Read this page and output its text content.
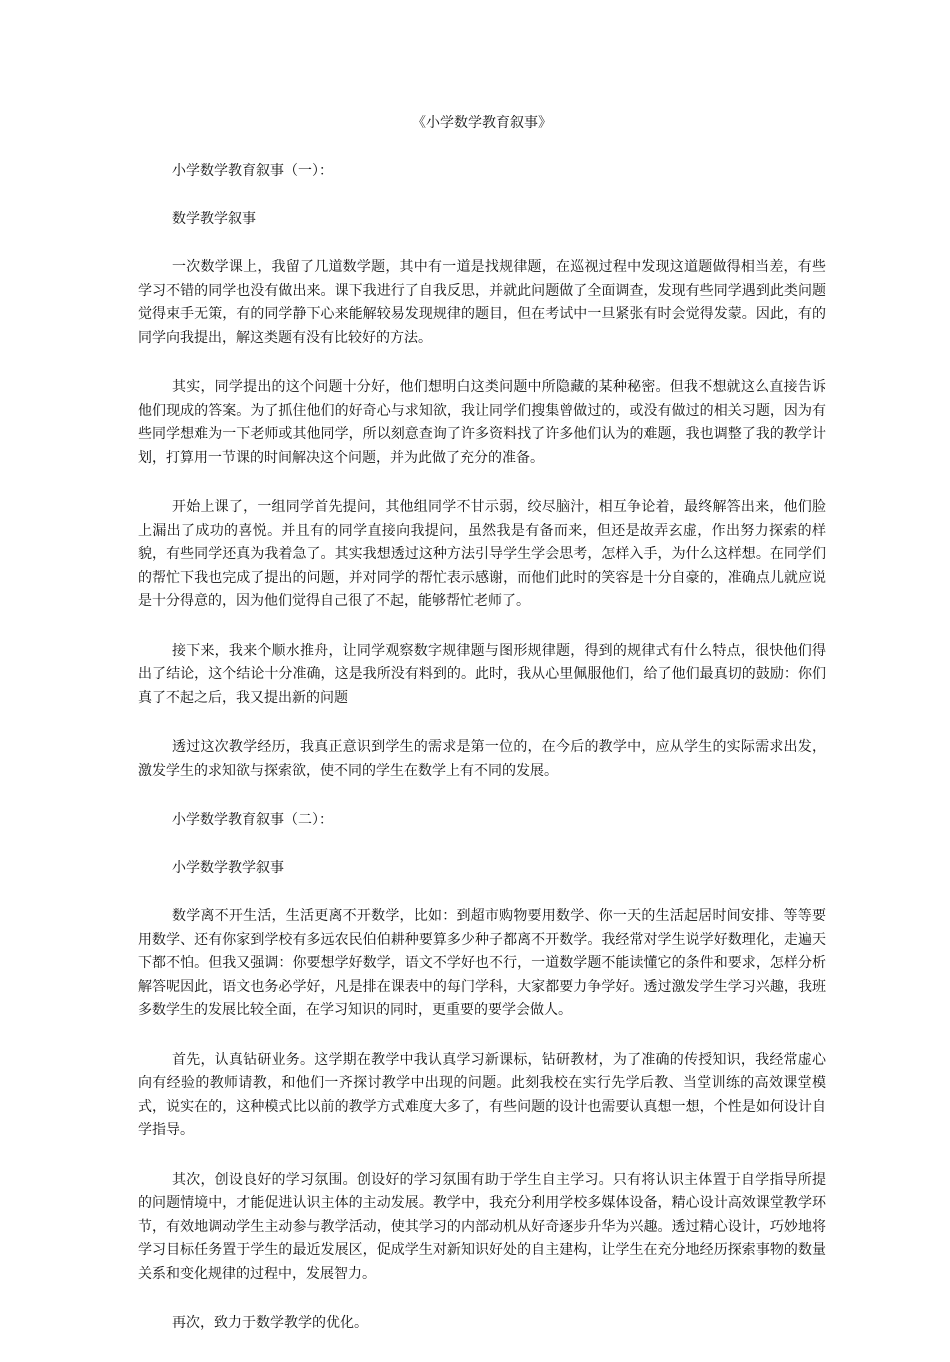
《小学数学教育叙事》
小学数学教育叙事（一）：
数学教学叙事

一次数学课上，我留了几道数学题，其中有一道是找规律题，在巡视过程中发现这道题做得相当差，有些学习不错的同学也没有做出来。课下我进行了自我反思，并就此问题做了全面调查，发现有些同学遇到此类问题觉得束手无策，有的同学静下心来能解较易发现规律的题目，但在考试中一旦紧张有时会觉得发蒙。因此，有的同学向我提出，解这类题有没有比较好的方法。

其实，同学提出的这个问题十分好，他们想明白这类问题中所隐藏的某种秘密。但我不想就这么直接告诉他们现成的答案。为了抓住他们的好奇心与求知欲，我让同学们搜集曾做过的，或没有做过的相关习题，因为有些同学想难为一下老师或其他同学，所以刻意查询了许多资料找了许多他们认为的难题，我也调整了我的教学计划，打算用一节课的时间解决这个问题，并为此做了充分的准备。

开始上课了，一组同学首先提问，其他组同学不甘示弱，绞尽脑汁，相互争论着，最终解答出来，他们脸上漏出了成功的喜悦。并且有的同学直接向我提问，虽然我是有备而来，但还是故弄玄虚，作出努力探索的样貌，有些同学还真为我着急了。其实我想透过这种方法引导学生学会思考，怎样入手，为什么这样想。在同学们的帮忙下我也完成了提出的问题，并对同学的帮忙表示感谢，而他们此时的笑容是十分自豪的，准确点儿就应说是十分得意的，因为他们觉得自己很了不起，能够帮忙老师了。

接下来，我来个顺水推舟，让同学观察数字规律题与图形规律题，得到的规律式有什么特点，很快他们得出了结论，这个结论十分准确，这是我所没有料到的。此时，我从心里佩服他们，给了他们最真切的鼓励：你们真了不起之后，我又提出新的问题

透过这次教学经历，我真正意识到学生的需求是第一位的，在今后的教学中，应从学生的实际需求出发，激发学生的求知欲与探索欲，使不同的学生在数学上有不同的发展。

小学数学教育叙事（二）：
小学数学教学叙事

数学离不开生活，生活更离不开数学，比如：到超市购物要用数学、你一天的生活起居时间安排、等等要用数学、还有你家到学校有多远农民伯伯耕种要算多少种子都离不开数学。我经常对学生说学好数理化，走遍天下都不怕。但我又强调：你要想学好数学，语文不学好也不行，一道数学题不能读懂它的条件和要求，怎样分析解答呢因此，语文也务必学好，凡是排在课表中的每门学科，大家都要力争学好。透过激发学生学习兴趣，我班多数学生的发展比较全面，在学习知识的同时，更重要的要学会做人。

首先，认真钻研业务。这学期在教学中我认真学习新课标，钻研教材，为了准确的传授知识，我经常虚心向有经验的教师请教，和他们一齐探讨教学中出现的问题。此刻我校在实行先学后教、当堂训练的高效课堂模式，说实在的，这种模式比以前的教学方式难度大多了，有些问题的设计也需要认真想一想，个性是如何设计自学指导。

其次，创设良好的学习氛围。创设好的学习氛围有助于学生自主学习。只有将认识主体置于自学指导所提的问题情境中，才能促进认识主体的主动发展。教学中，我充分利用学校多媒体设备，精心设计高效课堂教学环节，有效地调动学生主动参与教学活动，使其学习的内部动机从好奇逐步升华为兴趣。透过精心设计，巧妙地将学习目标任务置于学生的最近发展区，促成学生对新知识好处的自主建构，让学生在充分地经历探索事物的数量关系和变化规律的过程中，发展智力。

再次，致力于数学教学的优化。
